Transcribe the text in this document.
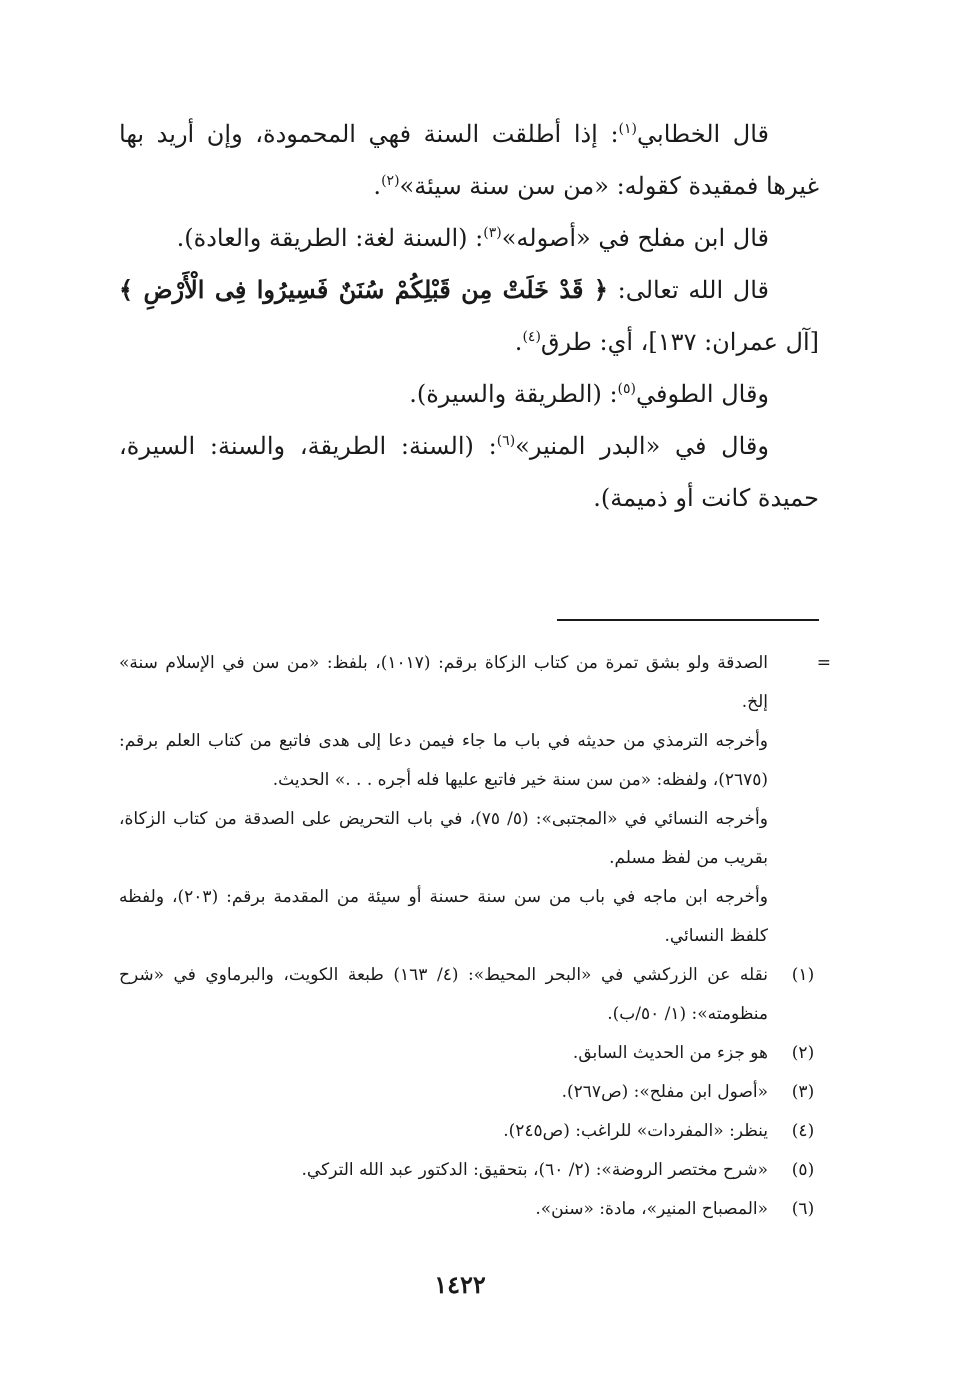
قال الخطابي$^{(١)}$: إذا أطلقت السنة فهي المحمودة، وإن أريد بها غيرها فمقيدة كقوله: «من سن سنة سيئة»$^{(٢)}$.

قال ابن مفلح في «أصوله»$^{(٣)}$: (السنة لغة: الطريقة والعادة).

قال الله تعالى: ﴿ قَدْ خَلَتْ مِن قَبْلِكُمْ سُنَنٌ فَسِيرُوا فِى الْأَرْضِ ﴾ [آل عمران: ١٣٧]، أي: طرق$^{(٤)}$.

وقال الطوفي$^{(٥)}$: (الطريقة والسيرة).

وقال في «البدر المنير»$^{(٦)}$: (السنة: الطريقة، والسنة: السيرة، حميدة كانت أو ذميمة).

=

الصدقة ولو بشق تمرة من كتاب الزكاة برقم: (١٠١٧)، بلفظ: «من سن في الإسلام سنة» إلخ.

وأخرجه الترمذي من حديثه في باب ما جاء فيمن دعا إلى هدى فاتبع من كتاب العلم برقم: (٢٦٧٥)، ولفظه: «من سن سنة خير فاتبع عليها فله أجره . . .» الحديث.

وأخرجه النسائي في «المجتبى»: (٥/ ٧٥)، في باب التحريض على الصدقة من كتاب الزكاة، بقريب من لفظ مسلم.

وأخرجه ابن ماجه في باب من سن سنة حسنة أو سيئة من المقدمة برقم: (٢٠٣)، ولفظه كلفظ النسائي.

(١)
نقله عن الزركشي في «البحر المحيط»: (٤/ ١٦٣) طبعة الكويت، والبرماوي في «شرح منظومته»: (١/ ٥٠/ب).
(٢)
هو جزء من الحديث السابق.
(٣)
«أصول ابن مفلح»: (ص٢٦٧).
(٤)
ينظر: «المفردات» للراغب: (ص٢٤٥).
(٥)
«شرح مختصر الروضة»: (٢/ ٦٠)، بتحقيق: الدكتور عبد الله التركي.
(٦)
«المصباح المنير»، مادة: «سنن».
١٤٢٢
